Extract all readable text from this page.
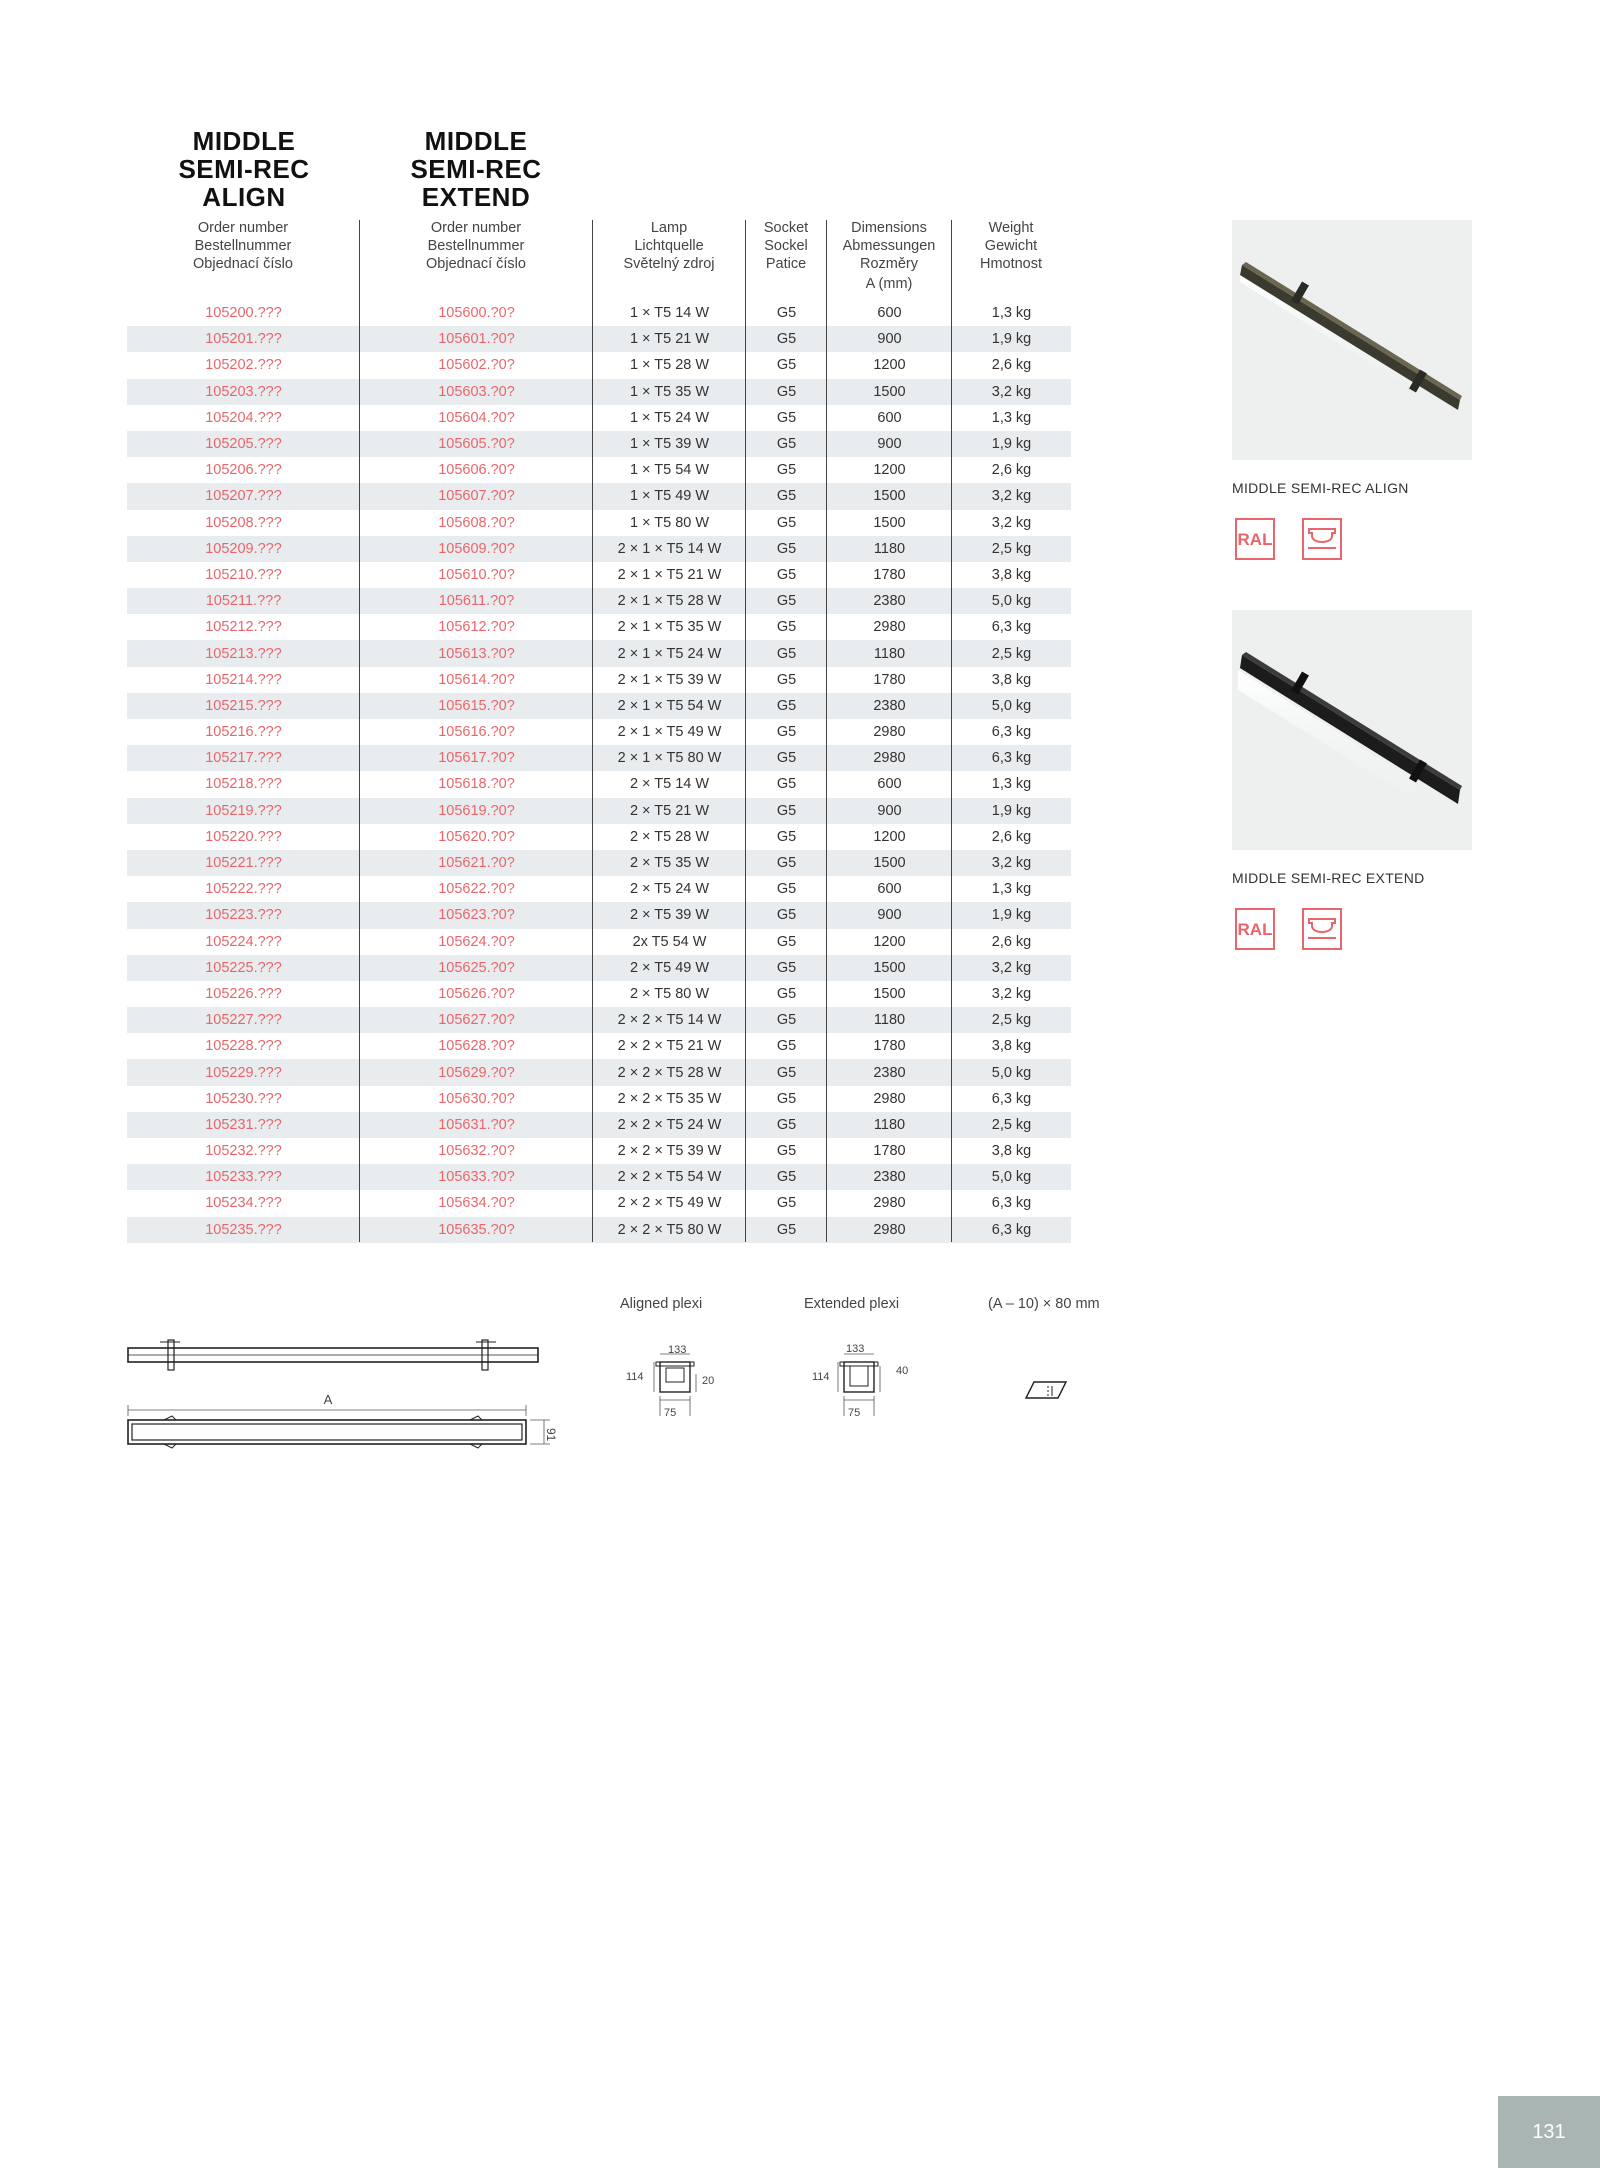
MIDDLE
SEMI-REC
ALIGN
MIDDLE
SEMI-REC
EXTEND
Order number
Bestellnummer
Objednací číslo
Order number
Bestellnummer
Objednací číslo
Lamp
Lichtquelle
Světelný zdroj
Socket
Sockel
Patice
Dimensions
Abmessungen
Rozměry
A (mm)
Weight
Gewicht
Hmotnost
105200.???	105600.?0?	1 × T5 14 W	G5	600	1,3 kg
105201.???	105601.?0?	1 × T5 21 W	G5	900	1,9 kg
105202.???	105602.?0?	1 × T5 28 W	G5	1200	2,6 kg
105203.???	105603.?0?	1 × T5 35 W	G5	1500	3,2 kg
105204.???	105604.?0?	1 × T5 24 W	G5	600	1,3 kg
105205.???	105605.?0?	1 × T5 39 W	G5	900	1,9 kg
105206.???	105606.?0?	1 × T5 54 W	G5	1200	2,6 kg
105207.???	105607.?0?	1 × T5 49 W	G5	1500	3,2 kg
105208.???	105608.?0?	1 × T5 80 W	G5	1500	3,2 kg
105209.???	105609.?0?	2 × 1 × T5 14 W	G5	1180	2,5 kg
105210.???	105610.?0?	2 × 1 × T5 21 W	G5	1780	3,8 kg
105211.???	105611.?0?	2 × 1 × T5 28 W	G5	2380	5,0 kg
105212.???	105612.?0?	2 × 1 × T5 35 W	G5	2980	6,3 kg
105213.???	105613.?0?	2 × 1 × T5 24 W	G5	1180	2,5 kg
105214.???	105614.?0?	2 × 1 × T5 39 W	G5	1780	3,8 kg
105215.???	105615.?0?	2 × 1 × T5 54 W	G5	2380	5,0 kg
105216.???	105616.?0?	2 × 1 × T5 49 W	G5	2980	6,3 kg
105217.???	105617.?0?	2 × 1 × T5 80 W	G5	2980	6,3 kg
105218.???	105618.?0?	2 × T5 14 W	G5	600	1,3 kg
105219.???	105619.?0?	2 × T5 21 W	G5	900	1,9 kg
105220.???	105620.?0?	2 × T5 28 W	G5	1200	2,6 kg
105221.???	105621.?0?	2 × T5 35 W	G5	1500	3,2 kg
105222.???	105622.?0?	2 × T5 24 W	G5	600	1,3 kg
105223.???	105623.?0?	2 × T5 39 W	G5	900	1,9 kg
105224.???	105624.?0?	2x T5 54 W	G5	1200	2,6 kg
105225.???	105625.?0?	2 × T5 49 W	G5	1500	3,2 kg
105226.???	105626.?0?	2 × T5 80 W	G5	1500	3,2 kg
105227.???	105627.?0?	2 × 2 × T5 14 W	G5	1180	2,5 kg
105228.???	105628.?0?	2 × 2 × T5 21 W	G5	1780	3,8 kg
105229.???	105629.?0?	2 × 2 × T5 28 W	G5	2380	5,0 kg
105230.???	105630.?0?	2 × 2 × T5 35 W	G5	2980	6,3 kg
105231.???	105631.?0?	2 × 2 × T5 24 W	G5	1180	2,5 kg
105232.???	105632.?0?	2 × 2 × T5 39 W	G5	1780	3,8 kg
105233.???	105633.?0?	2 × 2 × T5 54 W	G5	2380	5,0 kg
105234.???	105634.?0?	2 × 2 × T5 49 W	G5	2980	6,3 kg
105235.???	105635.?0?	2 × 2 × T5 80 W	G5	2980	6,3 kg
MIDDLE SEMI-REC ALIGN
RAL
MIDDLE SEMI-REC EXTEND
RAL
A
91
Aligned plexi	Extended plexi	(A – 10) × 80 mm
133
114	20
75
133
114	40
75
131
